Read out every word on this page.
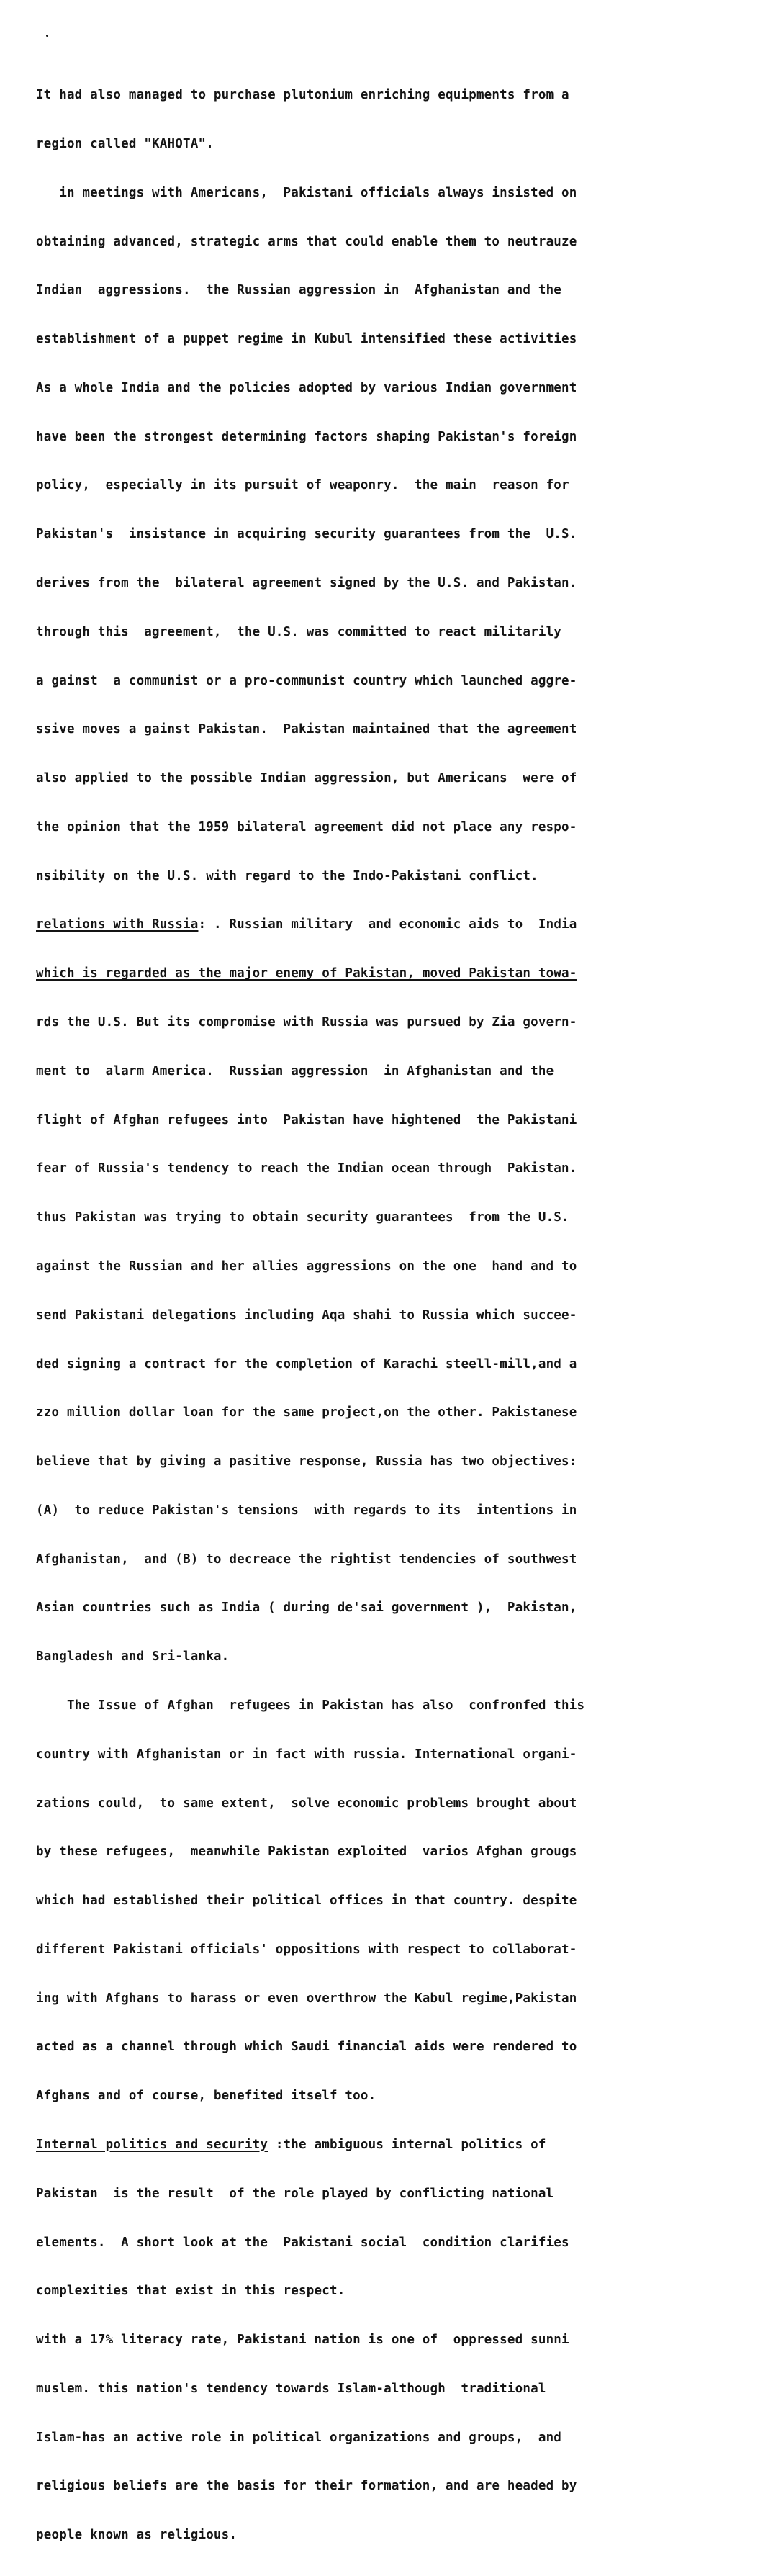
It had also managed to purchase plutonium enriching equipments from a

region called "KAHOTA".

in meetings with Americans,  Pakistani officials always insisted on

obtaining advanced, strategic arms that could enable them to neutrauze

Indian  aggressions.  the Russian aggression in  Afghanistan and the

establishment of a puppet regime in Kubul intensified these activities

As a whole India and the policies adopted by various Indian government

have been the strongest determining factors shaping Pakistan's foreign

policy,  especially in its pursuit of weaponry.  the main  reason for

Pakistan's  insistance in acquiring security guarantees from the  U.S.

derives from the  bilateral agreement signed by the U.S. and Pakistan.

through this  agreement,  the U.S. was committed to react militarily

a gainst  a communist or a pro-communist country which launched aggre-

ssive moves a gainst Pakistan.  Pakistan maintained that the agreement

also applied to the possible Indian aggression, but Americans  were of

the opinion that the 1959 bilateral agreement did not place any respo-

nsibility on the U.S. with regard to the Indo-Pakistani conflict.

relations with Russia: . Russian military  and economic aids to  India

which is regarded as the major enemy of Pakistan, moved Pakistan towa-

rds the U.S. But its compromise with Russia was pursued by Zia govern-

ment to  alarm America.  Russian aggression  in Afghanistan and the

flight of Afghan refugees into  Pakistan have hightened  the Pakistani

fear of Russia's tendency to reach the Indian ocean through  Pakistan.

thus Pakistan was trying to obtain security guarantees  from the U.S.

against the Russian and her allies aggressions on the one  hand and to

send Pakistani delegations including Aqa shahi to Russia which succee-

ded signing a contract for the completion of Karachi steell-mill,and a

zzo million dollar loan for the same project,on the other. Pakistanese

believe that by giving a pasitive response, Russia has two objectives:

(A)  to reduce Pakistan's tensions  with regards to its  intentions in

Afghanistan,  and (B) to decreace the rightist tendencies of southwest

Asian countries such as India ( during de'sai government ),  Pakistan,

Bangladesh and Sri-lanka.

The Issue of Afghan  refugees in Pakistan has also  confronfed this

country with Afghanistan or in fact with russia. International organi-

zations could,  to same extent,  solve economic problems brought about

by these refugees,  meanwhile Pakistan exploited  varios Afghan grougs

which had established their political offices in that country. despite

different Pakistani officials' oppositions with respect to collaborat-

ing with Afghans to harass or even overthrow the Kabul regime,Pakistan

acted as a channel through which Saudi financial aids were rendered to

Afghans and of course, benefited itself too.

Internal politics and security :the ambiguous internal politics of

Pakistan  is the result  of the role played by conflicting national

elements.  A short look at the  Pakistani social  condition clarifies

complexities that exist in this respect.

with a 17% literacy rate, Pakistani nation is one of  oppressed sunni

muslem. this nation's tendency towards Islam-although  traditional

Islam-has an active role in political organizations and groups,  and

religious beliefs are the basis for their formation, and are headed by

people known as religious.
